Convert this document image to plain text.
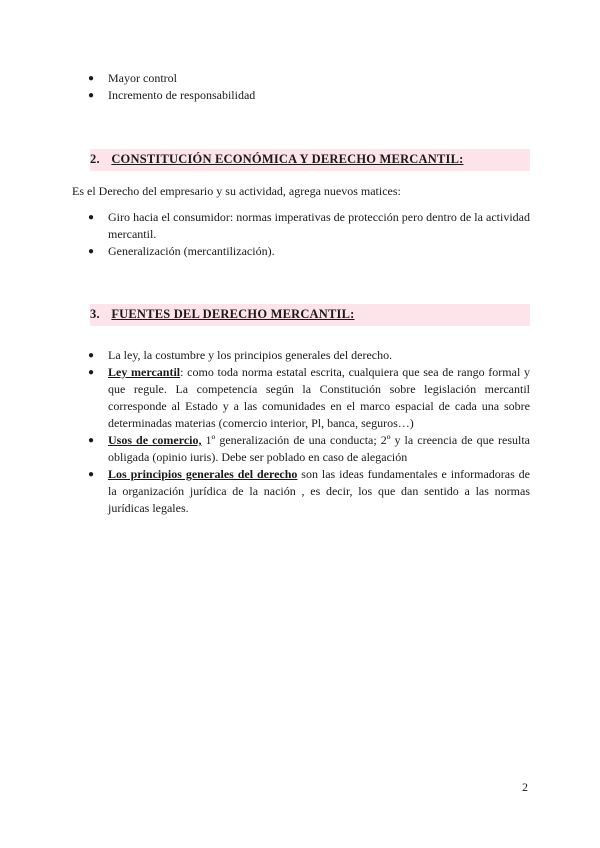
● Mayor control
● Incremento de responsabilidad
2. CONSTITUCIÓN ECONÓMICA Y DERECHO MERCANTIL:
Es el Derecho del empresario y su actividad, agrega nuevos matices:
● Giro hacia el consumidor: normas imperativas de protección pero dentro de la actividad mercantil.
● Generalización (mercantilización).
3. FUENTES DEL DERECHO MERCANTIL:
● La ley, la costumbre y los principios generales del derecho.
● Ley mercantil: como toda norma estatal escrita, cualquiera que sea de rango formal y que regule. La competencia según la Constitución sobre legislación mercantil corresponde al Estado y a las comunidades en el marco espacial de cada una sobre determinadas materias (comercio interior, Pl, banca, seguros…)
● Usos de comercio, 1º generalización de una conducta; 2º y la creencia de que resulta obligada (opinio iuris). Debe ser poblado en caso de alegación
● Los principios generales del derecho son las ideas fundamentales e informadoras de la organización jurídica de la nación , es decir, los que dan sentido a las normas jurídicas legales.
2
